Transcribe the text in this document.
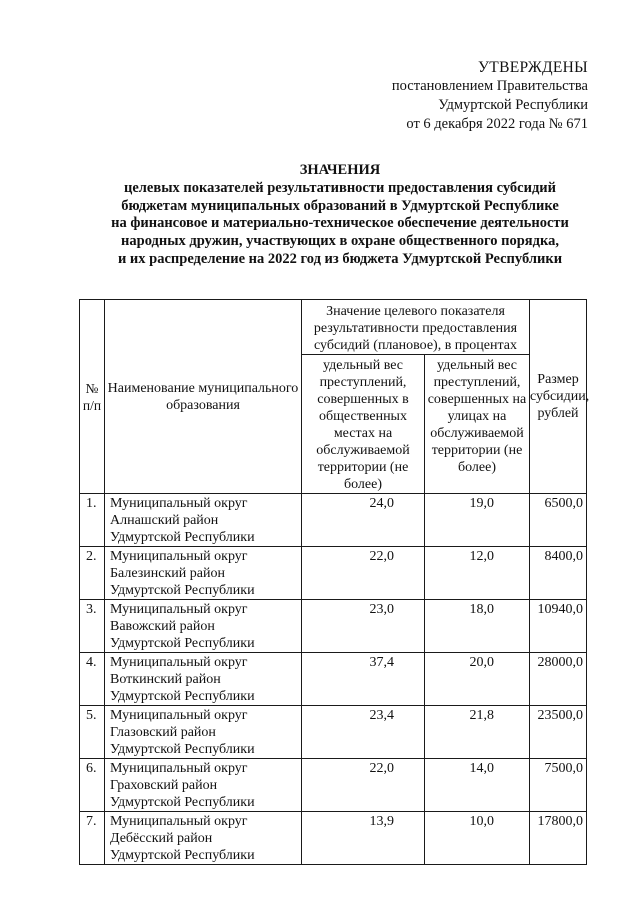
УТВЕРЖДЕНЫ
постановлением Правительства
Удмуртской Республики
от 6 декабря 2022 года № 671
ЗНАЧЕНИЯ
целевых показателей результативности предоставления субсидий
бюджетам муниципальных образований в Удмуртской Республике
на финансовое и материально-техническое обеспечение деятельности
народных дружин, участвующих в охране общественного порядка,
и их распределение на 2022 год из бюджета Удмуртской Республики
№ п/п	Наименование муниципального образования	Значение целевого показателя результативности предоставления субсидий (плановое), в процентах		Размер субсидии, рублей
		удельный вес преступлений, совершенных в общественных местах на обслуживаемой территории (не более)	удельный вес преступлений, совершенных на улицах на обслуживаемой территории (не более)	
1.	Муниципальный округ
Алнашский район
Удмуртской Республики	24,0	19,0	6500,0
2.	Муниципальный округ
Балезинский район
Удмуртской Республики	22,0	12,0	8400,0
3.	Муниципальный округ
Вавожский район
Удмуртской Республики	23,0	18,0	10940,0
4.	Муниципальный округ
Воткинский район
Удмуртской Республики	37,4	20,0	28000,0
5.	Муниципальный округ
Глазовский район
Удмуртской Республики	23,4	21,8	23500,0
6.	Муниципальный округ
Граховский район
Удмуртской Республики	22,0	14,0	7500,0
7.	Муниципальный округ
Дебёсский район
Удмуртской Республики	13,9	10,0	17800,0
